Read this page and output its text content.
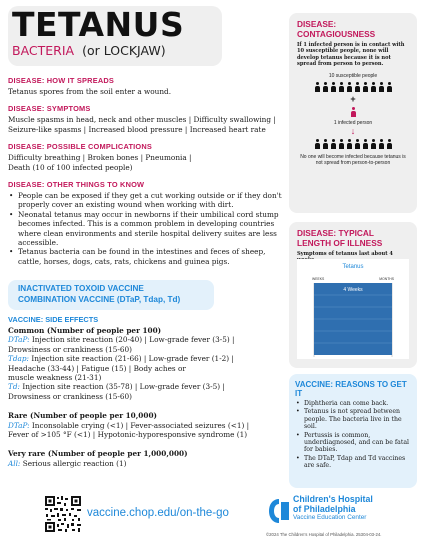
TETANUS
BACTERIA (or LOCKJAW)
DISEASE: HOW IT SPREADS
Tetanus spores from the soil enter a wound.
DISEASE: SYMPTOMS
Muscle spasms in head, neck and other muscles | Difficulty swallowing |
Seizure-like spasms | Increased blood pressure | Increased heart rate
DISEASE: POSSIBLE COMPLICATIONS
Difficulty breathing | Broken bones | Pneumonia |
Death (10 of 100 infected people)
DISEASE: OTHER THINGS TO KNOW
• People can be exposed if they get a cut working outside or if they don't properly cover an existing wound when working with dirt.
• Neonatal tetanus may occur in newborns if their umbilical cord stump becomes infected. This is a common problem in developing countries where clean environments and sterile hospital delivery suites are less accessible.
• Tetanus bacteria can be found in the intestines and feces of sheep, cattle, horses, dogs, cats, rats, chickens and guinea pigs.
INACTIVATED TOXOID VACCINE
COMBINATION VACCINE (DTaP, Tdap, Td)
VACCINE: SIDE EFFECTS
Common (Number of people per 100)
DTaP: Injection site reaction (20-40) | Low-grade fever (3-5) |
Drowsiness or crankiness (15-60)
Tdap: Injection site reaction (21-66) | Low-grade fever (1-2) |
Headache (33-44) | Fatigue (15) | Body aches or
muscle weakness (21-31)
Td: Injection site reaction (35-78) | Low-grade fever (3-5) |
Drowsiness or crankiness (15-60)
Rare (Number of people per 10,000)
DTaP: Inconsolable crying (<1) | Fever-associated seizures (<1) |
Fever of >105 °F (<1) | Hypotonic-hyporesponsive syndrome (1)
Very rare (Number of people per 1,000,000)
All: Serious allergic reaction (1)
DISEASE:
CONTAGIOUSNESS
If 1 infected person is in contact with 10 susceptible people, none will develop tetanus because it is not spread from person to person.
10 susceptible people
+
1 infected person
↓
No one will become infected because tetanus is not spread from person-to-person
DISEASE: TYPICAL
LENGTH OF ILLNESS
Symptoms of tetanus last about 4
Tetanus
WEEKS	MONTHS
4 Weeks
VACCINE: REASONS TO GET IT
• Diphtheria can come back.
• Tetanus is not spread between people. The bacteria live in the soil.
• Pertussis is common, underdiagnosed, and can be fatal for babies.
• The DTaP, Tdap and Td vaccines are safe.
vaccine.chop.edu/on-the-go
Children's Hospital
of Philadelphia
Vaccine Education Center
©2024 The Children's Hospital of Philadelphia. 25304-03-24.
